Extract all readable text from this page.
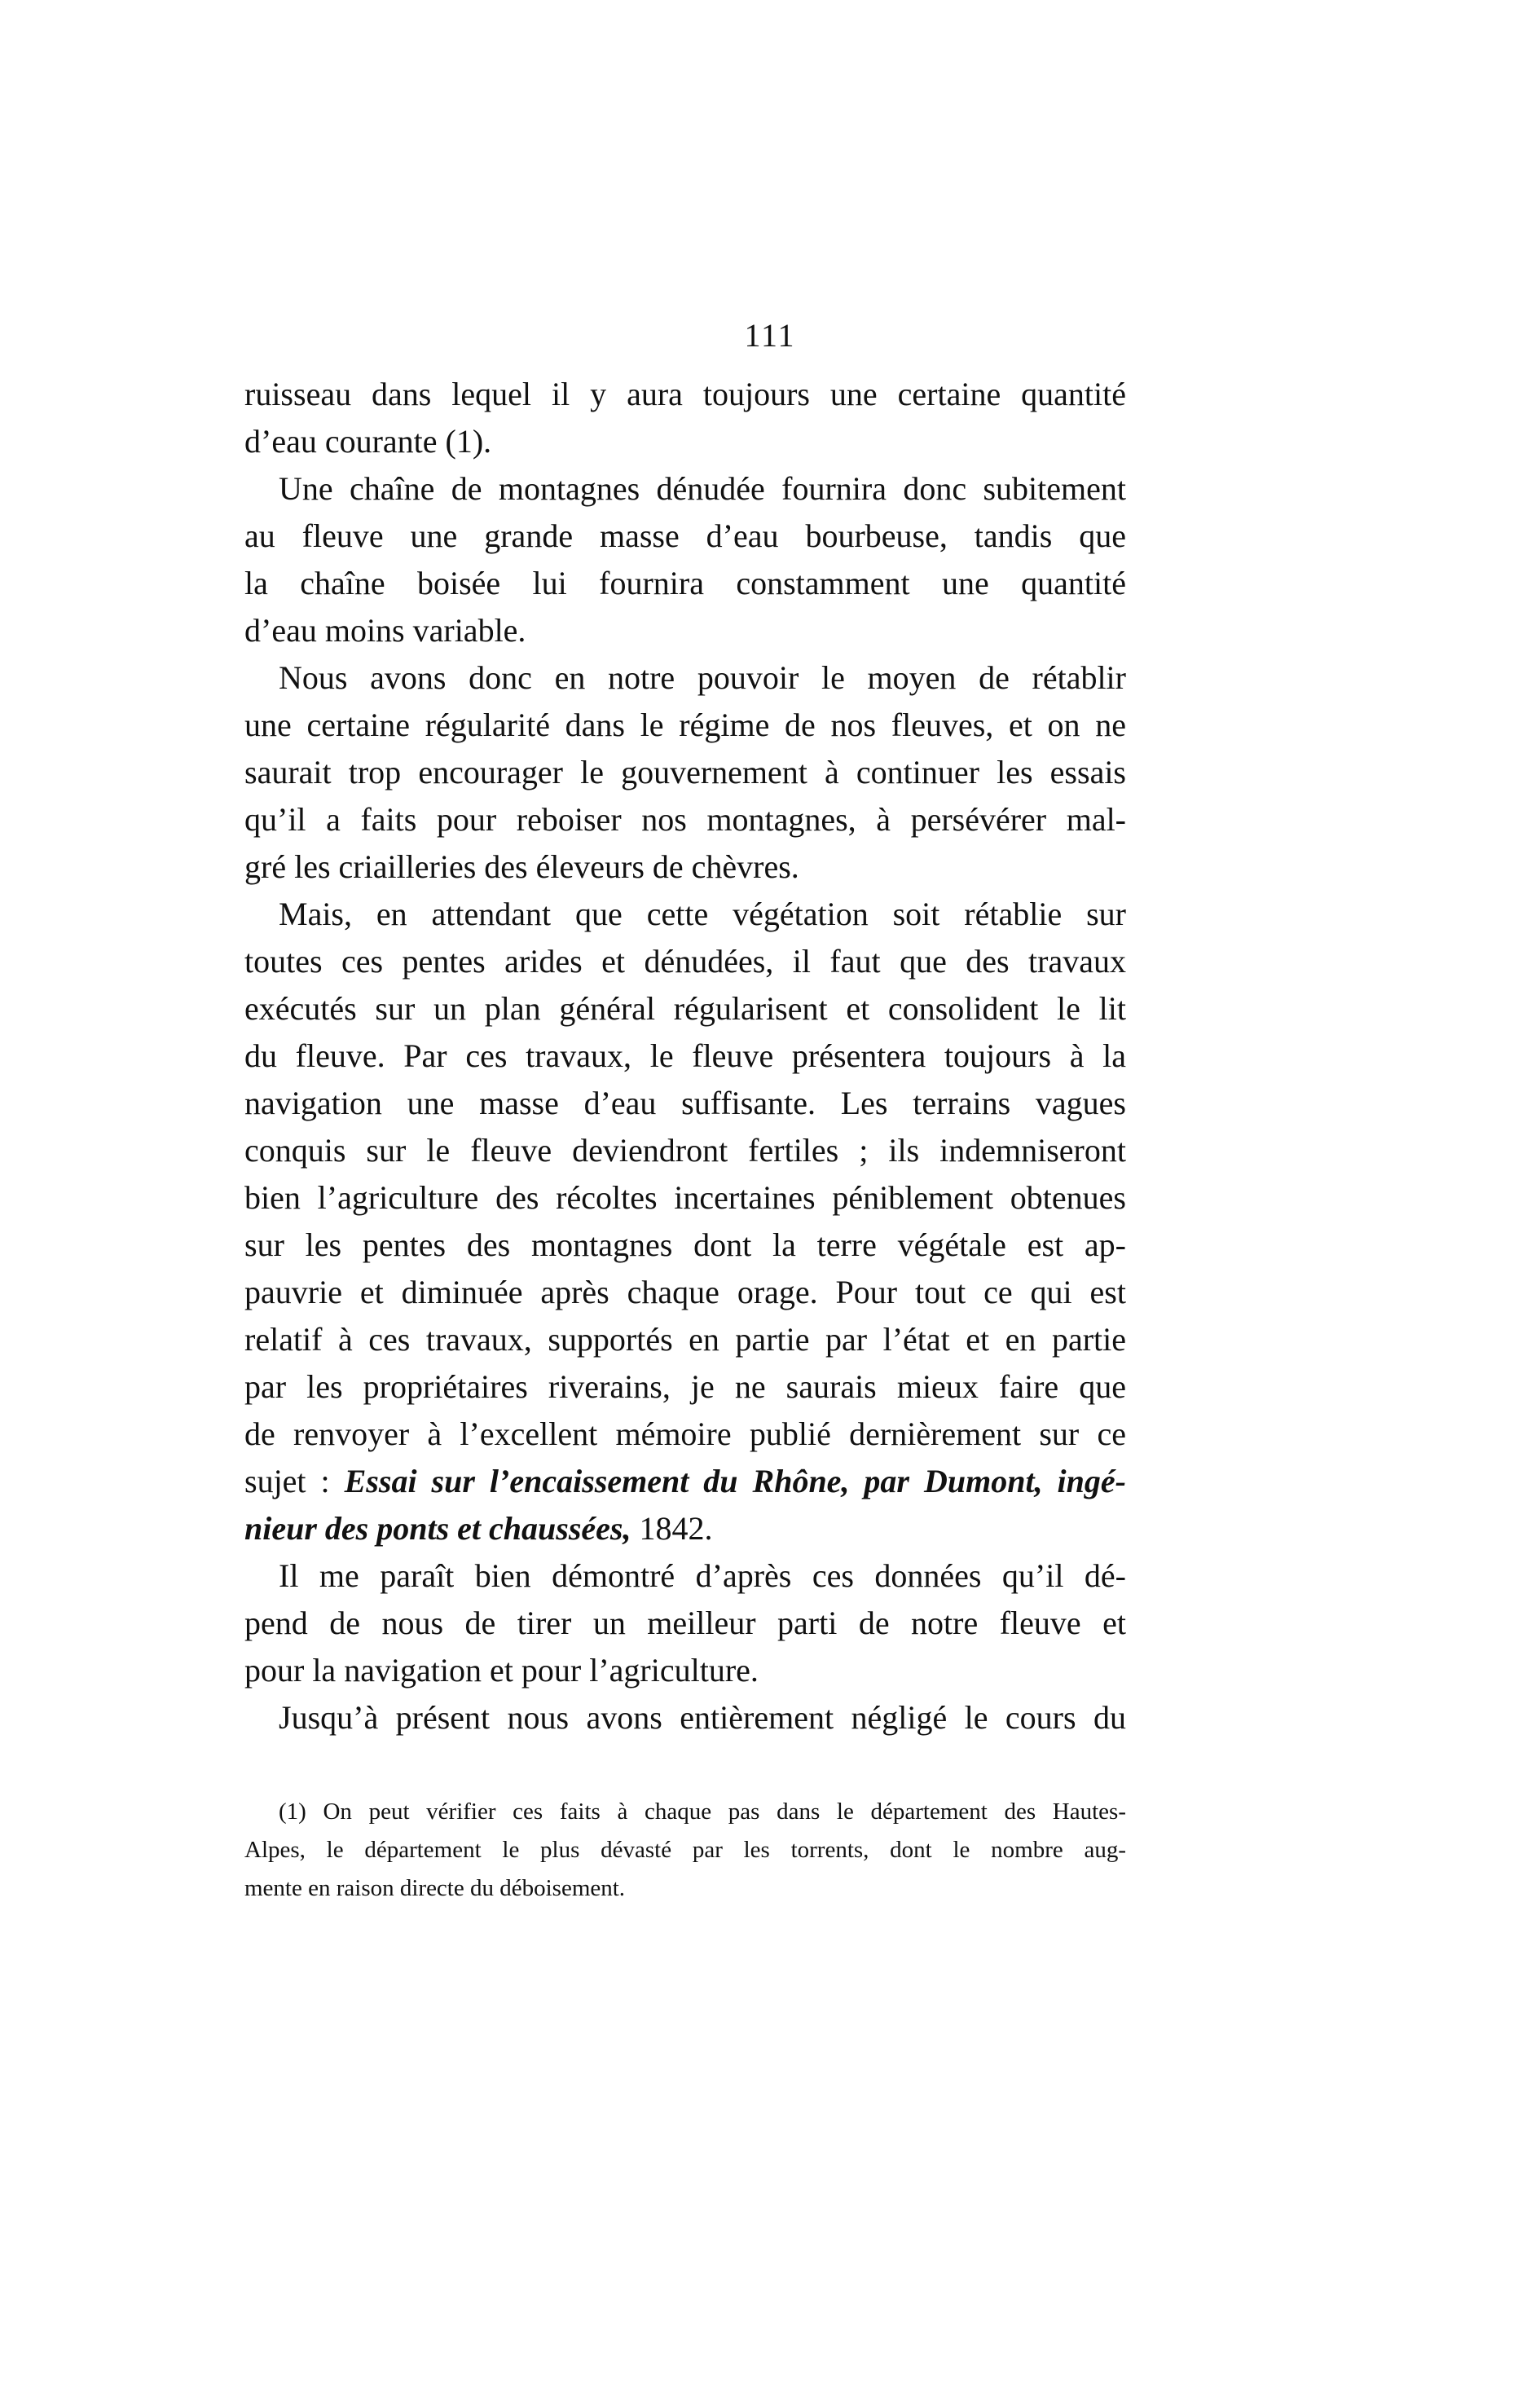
111
ruisseau dans lequel il y aura toujours une certaine quantité
d’eau courante (1).
Une chaîne de montagnes dénudée fournira donc subitement
au fleuve une grande masse d’eau bourbeuse, tandis que
la chaîne boisée lui fournira constamment une quantité
d’eau moins variable.
Nous avons donc en notre pouvoir le moyen de rétablir
une certaine régularité dans le régime de nos fleuves, et on ne
saurait trop encourager le gouvernement à continuer les essais
qu’il a faits pour reboiser nos montagnes, à persévérer mal-
gré les criailleries des éleveurs de chèvres.
Mais, en attendant que cette végétation soit rétablie sur
toutes ces pentes arides et dénudées, il faut que des travaux
exécutés sur un plan général régularisent et consolident le lit
du fleuve. Par ces travaux, le fleuve présentera toujours à la
navigation une masse d’eau suffisante. Les terrains vagues
conquis sur le fleuve deviendront fertiles ; ils indemniseront
bien l’agriculture des récoltes incertaines péniblement obtenues
sur les pentes des montagnes dont la terre végétale est ap-
pauvrie et diminuée après chaque orage. Pour tout ce qui est
relatif à ces travaux, supportés en partie par l’état et en partie
par les propriétaires riverains, je ne saurais mieux faire que
de renvoyer à l’excellent mémoire publié dernièrement sur ce
sujet : Essai sur l’encaissement du Rhône, par Dumont, ingé-
nieur des ponts et chaussées, 1842.
Il me paraît bien démontré d’après ces données qu’il dé-
pend de nous de tirer un meilleur parti de notre fleuve et
pour la navigation et pour l’agriculture.
Jusqu’à présent nous avons entièrement négligé le cours du
(1) On peut vérifier ces faits à chaque pas dans le département des Hautes-
Alpes, le département le plus dévasté par les torrents, dont le nombre aug-
mente en raison directe du déboisement.
